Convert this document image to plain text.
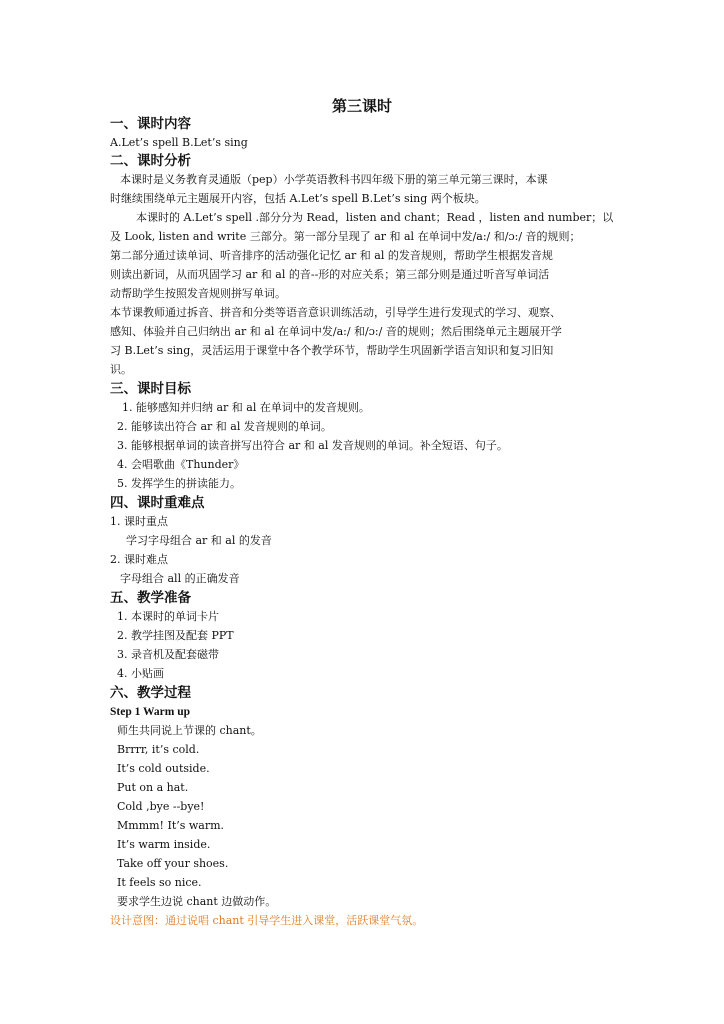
第三课时
一、课时内容
A.Let’s spell B.Let’s sing
二、课时分析
本课时是义务教育灵通版（pep）小学英语教科书四年级下册的第三单元第三课时，本课
时继续围绕单元主题展开内容，包括 A.Let’s spell B.Let’s sing 两个板块。
本课时的 A.Let’s spell .部分分为 Read，listen and chant；Read ，listen and number；以
及 Look, listen and write 三部分。第一部分呈现了 ar 和 al 在单词中发/a:/ 和/ɔ:/ 音的规则；
第二部分通过读单词、听音排序的活动强化记忆 ar 和 al 的发音规则，帮助学生根据发音规
则读出新词，从而巩固学习 ar 和 al 的音--形的对应关系；第三部分则是通过听音写单词活
动帮助学生按照发音规则拼写单词。
本节课教师通过拆音、拼音和分类等语音意识训练活动，引导学生进行发现式的学习、观察、
感知、体验并自己归纳出 ar 和 al 在单词中发/a:/ 和/ɔ:/ 音的规则；然后围绕单元主题展开学
习 B.Let’s sing，灵活运用于课堂中各个教学环节，帮助学生巩固新学语言知识和复习旧知
识。
三、课时目标
1. 能够感知并归纳 ar 和 al 在单词中的发音规则。
2. 能够读出符合 ar 和 al 发音规则的单词。
3. 能够根据单词的读音拼写出符合 ar 和 al 发音规则的单词。补全短语、句子。
4. 会唱歌曲《Thunder》
5. 发挥学生的拼读能力。
四、课时重难点
1. 课时重点
学习字母组合 ar 和 al 的发音
2. 课时难点
字母组合 all 的正确发音
五、教学准备
1. 本课时的单词卡片
2. 教学挂图及配套 PPT
3. 录音机及配套磁带
4. 小贴画
六、教学过程
Step 1 Warm up
师生共同说上节课的 chant。
Brrrr, it’s cold.
It’s cold outside.
Put on a hat.
Cold ,bye --bye!
Mmmm! It’s warm.
It’s warm inside.
Take off your shoes.
It feels so nice.
要求学生边说 chant 边做动作。
设计意图：通过说唱 chant 引导学生进入课堂，活跃课堂气氛。
